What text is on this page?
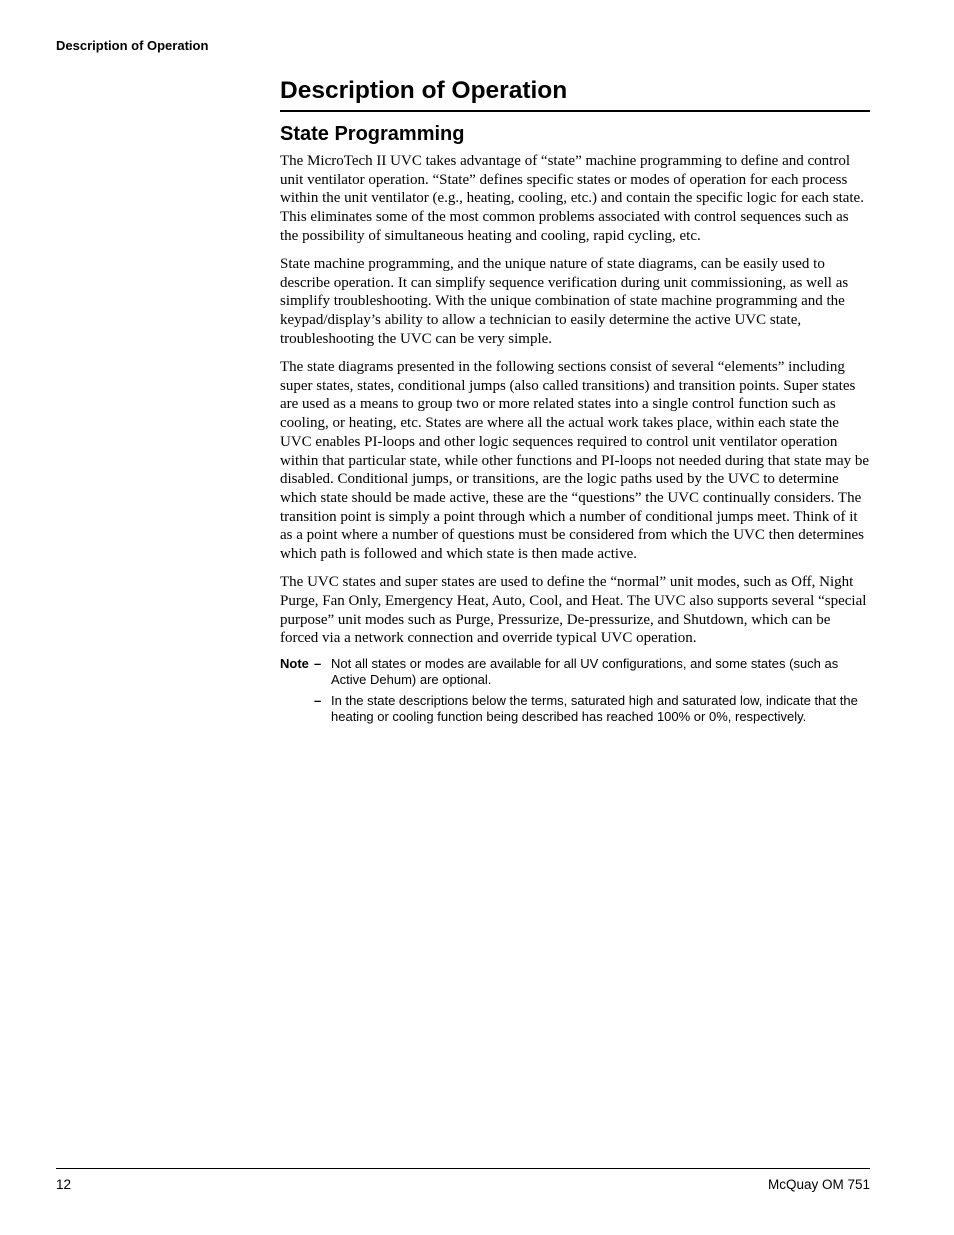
Description of Operation
Description of Operation
State Programming

The MicroTech II UVC takes advantage of “state” machine programming to define and control unit ventilator operation. “State” defines specific states or modes of operation for each process within the unit ventilator (e.g., heating, cooling, etc.) and contain the specific logic for each state. This eliminates some of the most common problems associated with control sequences such as the possibility of simultaneous heating and cooling, rapid cycling, etc.

State machine programming, and the unique nature of state diagrams, can be easily used to describe operation. It can simplify sequence verification during unit commissioning, as well as simplify troubleshooting. With the unique combination of state machine programming and the keypad/display’s ability to allow a technician to easily determine the active UVC state, troubleshooting the UVC can be very simple.

The state diagrams presented in the following sections consist of several “elements” including super states, states, conditional jumps (also called transitions) and transition points. Super states are used as a means to group two or more related states into a single control function such as cooling, or heating, etc. States are where all the actual work takes place, within each state the UVC enables PI-loops and other logic sequences required to control unit ventilator operation within that particular state, while other functions and PI-loops not needed during that state may be disabled. Conditional jumps, or transitions, are the logic paths used by the UVC to determine which state should be made active, these are the “questions” the UVC continually considers. The transition point is simply a point through which a number of conditional jumps meet. Think of it as a point where a number of questions must be considered from which the UVC then determines which path is followed and which state is then made active.

The UVC states and super states are used to define the “normal” unit modes, such as Off, Night Purge, Fan Only, Emergency Heat, Auto, Cool, and Heat. The UVC also supports several “special purpose” unit modes such as Purge, Pressurize, De-pressurize, and Shutdown, which can be forced via a network connection and override typical UVC operation.

Note – Not all states or modes are available for all UV configurations, and some states (such as Active Dehum) are optional.
– In the state descriptions below the terms, saturated high and saturated low, indicate that the heating or cooling function being described has reached 100% or 0%, respectively.
12	McQuay OM 751
